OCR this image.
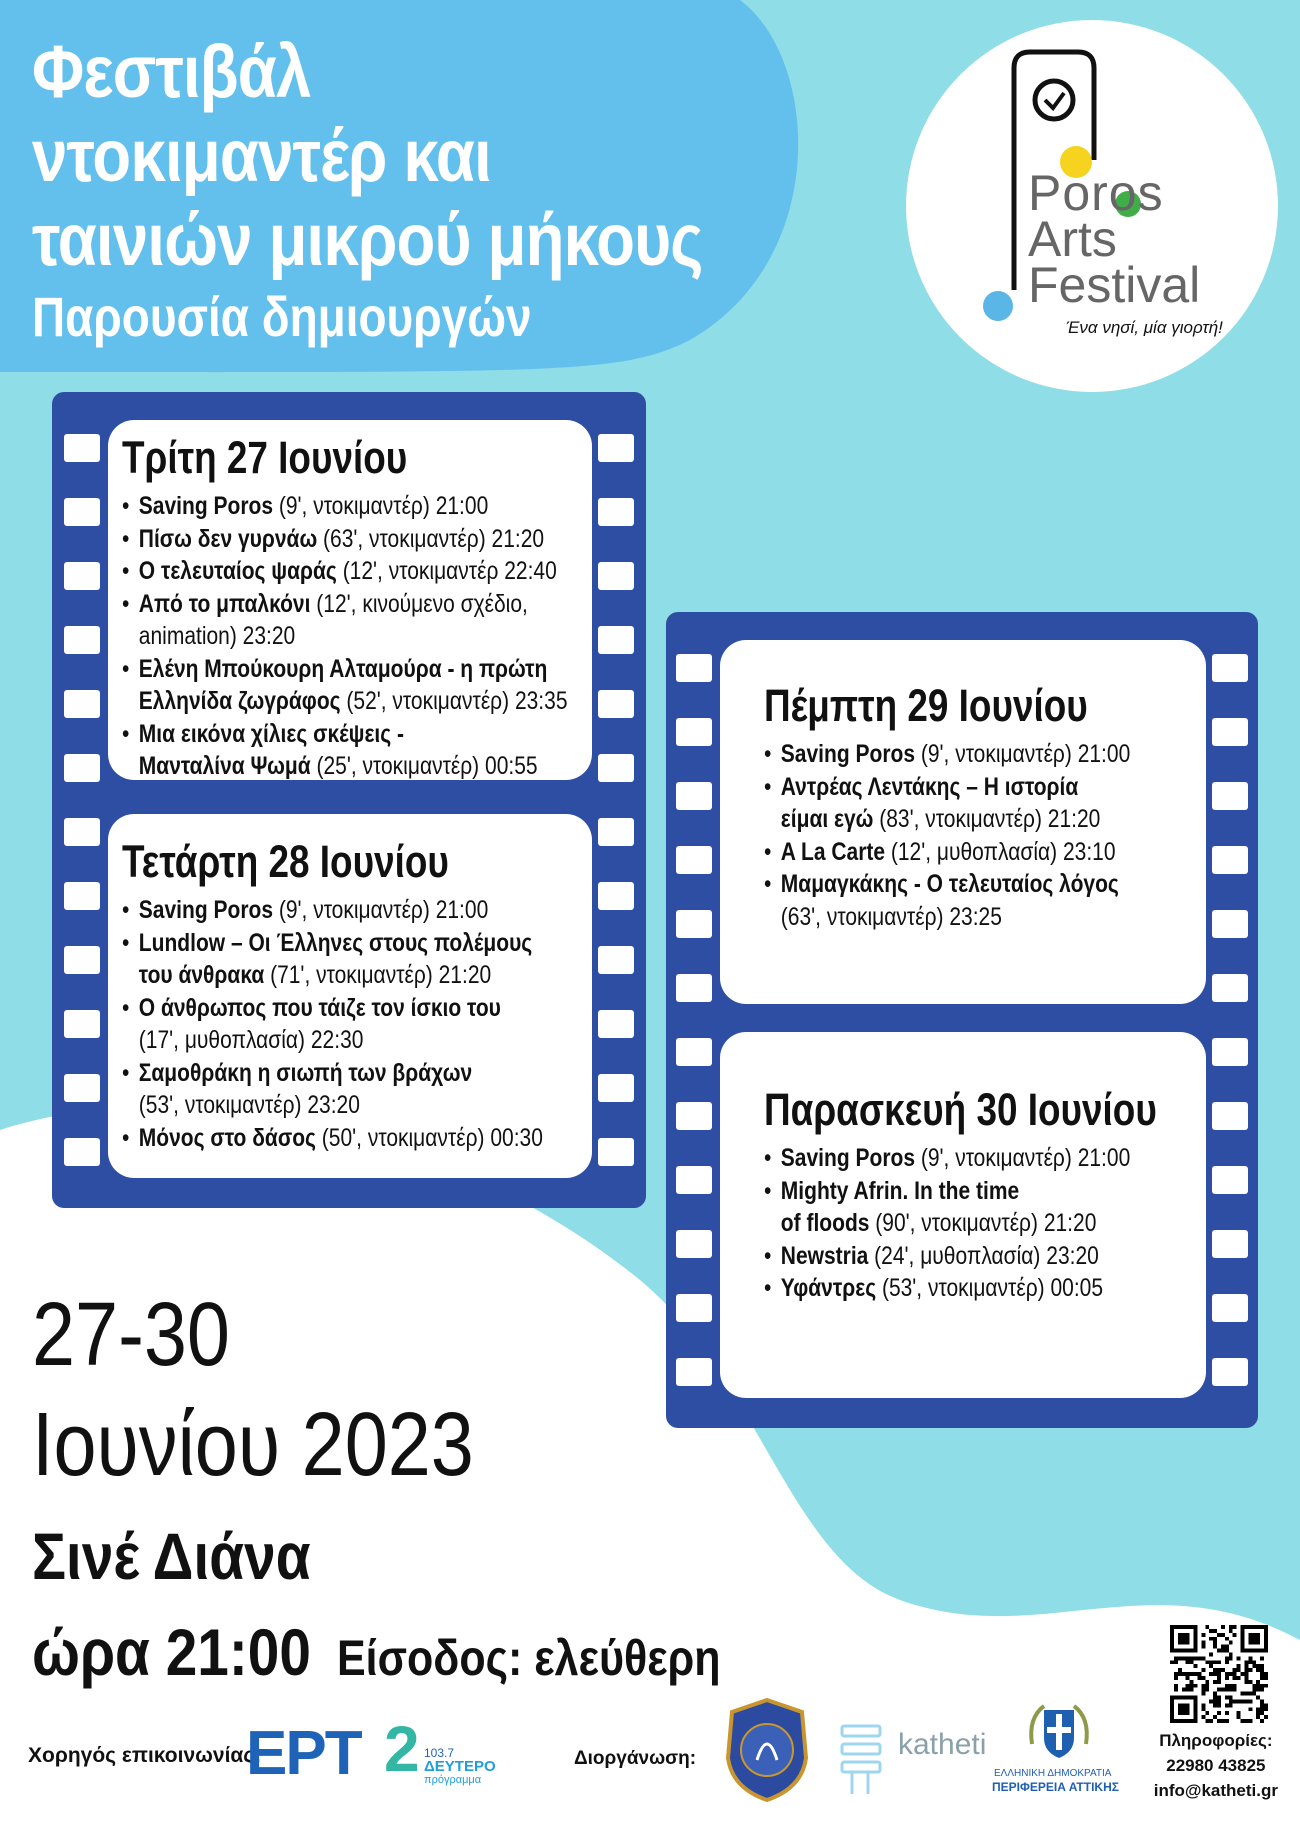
Φεστιβάλ
ντοκιμαντέρ και
ταινιών μικρού μήκους
Παρουσία δημιουργών
Poros
Arts
Festival
Ένα νησί, μία γιορτή!
Τρίτη 27 Ιουνίου
• Saving Poros (9', ντοκιμαντέρ) 21:00
• Πίσω δεν γυρνάω (63', ντοκιμαντέρ) 21:20
• Ο τελευταίος ψαράς (12', ντοκιμαντέρ 22:40
• Από το μπαλκόνι (12', κινούμενο σχέδιο,
animation) 23:20
• Ελένη Μπούκουρη Αλταμούρα - η πρώτη
Ελληνίδα ζωγράφος (52', ντοκιμαντέρ) 23:35
• Μια εικόνα χίλιες σκέψεις -
Μανταλίνα Ψωμά (25', ντοκιμαντέρ) 00:55
Τετάρτη 28 Ιουνίου
• Saving Poros (9', ντοκιμαντέρ) 21:00
• Lundlow – Οι Έλληνες στους πολέμους
του άνθρακα (71', ντοκιμαντέρ) 21:20
• Ο άνθρωπος που τάιζε τον ίσκιο του
(17', μυθοπλασία) 22:30
• Σαμοθράκη η σιωπή των βράχων
(53', ντοκιμαντέρ) 23:20
• Μόνος στο δάσος (50', ντοκιμαντέρ) 00:30
Πέμπτη 29 Ιουνίου
• Saving Poros (9', ντοκιμαντέρ) 21:00
• Αντρέας Λεντάκης – Η ιστορία
είμαι εγώ (83', ντοκιμαντέρ) 21:20
• A La Carte (12', μυθοπλασία) 23:10
• Μαμαγκάκης - Ο τελευταίος λόγος
(63', ντοκιμαντέρ) 23:25
Παρασκευή 30 Ιουνίου
• Saving Poros (9', ντοκιμαντέρ) 21:00
• Mighty Afrin. In the time
of floods (90', ντοκιμαντέρ) 21:20
• Newstria (24', μυθοπλασία) 23:20
• Υφάντρες (53', ντοκιμαντέρ) 00:05
27-30
Ιουνίου 2023
Σινέ Διάνα
ώρα 21:00 Είσοδος: ελεύθερη
Χορηγός επικοινωνίας:
ΕΡΤ 2 103.7
ΔΕΥΤΕΡΟ
πρόγραμμα
Διοργάνωση:	katheti
ΕΛΛΗΝΙΚΗ ΔΗΜΟΚΡΑΤΙΑ
ΠΕΡΙΦΕΡΕΙΑ ΑΤΤΙΚΗΣ
Πληροφορίες:
22980 43825
info@katheti.gr
